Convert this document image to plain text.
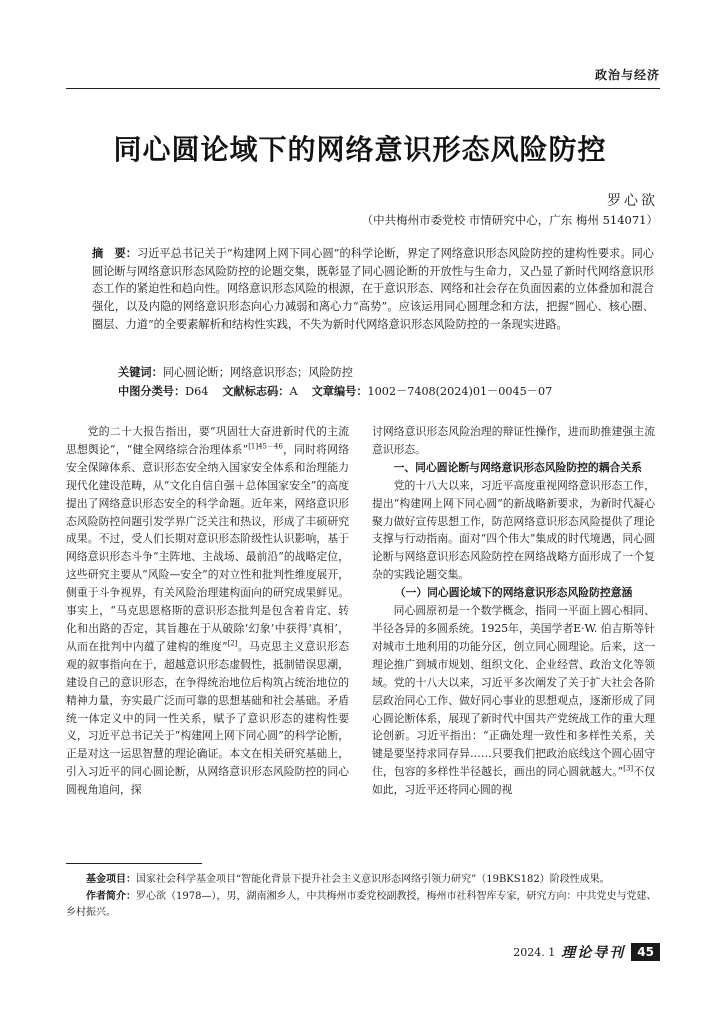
政治与经济
同心圆论域下的网络意识形态风险防控
罗心欲
（中共梅州市委党校 市情研究中心，广东 梅州 514071）
摘　要：习近平总书记关于“构建网上网下同心圆”的科学论断，界定了网络意识形态风险防控的建构性要求。同心圆论断与网络意识形态风险防控的论题交集，既彰显了同心圆论断的开放性与生命力，又凸显了新时代网络意识形态工作的紧迫性和趋向性。网络意识形态风险的根源，在于意识形态、网络和社会存在负面因素的立体叠加和混合强化，以及内隐的网络意识形态向心力减弱和离心力“高势”。应该运用同心圆理念和方法，把握“圆心、核心圈、圈层、力道”的全要素解析和结构性实践，不失为新时代网络意识形态风险防控的一条现实进路。
关键词：同心圆论断；网络意识形态；风险防控
中图分类号：D64 文献标志码：A 文章编号：1002－7408(2024)01－0045－07

党的二十大报告指出，要“巩固壮大奋进新时代的主流思想舆论”，“健全网络综合治理体系”$^{[1]45-46}$，同时将网络安全保障体系、意识形态安全纳入国家安全体系和治理能力现代化建设范畴，从“文化自信自强＋总体国家安全”的高度提出了网络意识形态安全的科学命题。近年来，网络意识形态风险防控问题引发学界广泛关注和热议，形成了丰硕研究成果。不过，受人们长期对意识形态阶级性认识影响，基于网络意识形态斗争“主阵地、主战场、最前沿”的战略定位，这些研究主要从“风险—安全”的对立性和批判性维度展开，侧重于斗争视界，有关风险治理建构面向的研究成果鲜见。事实上，“马克思恩格斯的意识形态批判是包含着肯定、转化和出路的否定，其旨趣在于从破除‘幻象’中获得‘真相’，从而在批判中内蕴了建构的维度”[2]。马克思主义意识形态观的叙事指向在于，超越意识形态虚假性，抵制错误思潮，建设自己的意识形态，在争得统治地位后构筑占统治地位的精神力量，夯实最广泛而可靠的思想基础和社会基础。矛盾统一体定义中的同一性关系，赋予了意识形态的建构性要义，习近平总书记关于“构建网上网下同心圆”的科学论断，正是对这一运思智慧的理论确证。本文在相关研究基础上，引入习近平的同心圆论断，从网络意识形态风险防控的同心圆视角追问，探

讨网络意识形态风险治理的辩证性操作，进而助推建强主流意识形态。

一、同心圆论断与网络意识形态风险防控的耦合关系

党的十八大以来，习近平高度重视网络意识形态工作，提出“构建网上网下同心圆”的新战略新要求，为新时代凝心聚力做好宣传思想工作，防范网络意识形态风险提供了理论支撑与行动指南。面对“四个伟大”集成的时代境遇，同心圆论断与网络意识形态风险防控在网络战略方面形成了一个复杂的实践论题交集。

（一）同心圆论域下的网络意识形态风险防控意涵

同心圆原初是一个数学概念，指同一平面上圆心相同、半径各异的多圆系统。1925年，美国学者E·W. 伯吉斯等针对城市土地利用的功能分区，创立同心圆理论。后来，这一理论推广到城市规划、组织文化、企业经营、政治文化等领域。党的十八大以来，习近平多次阐发了关于扩大社会各阶层政治同心工作、做好同心事业的思想观点，逐渐形成了同心圆论断体系，展现了新时代中国共产党统战工作的重大理论创新。习近平指出：“正确处理一致性和多样性关系，关键是要坚持求同存异……只要我们把政治底线这个圆心固守住，包容的多样性半径越长，画出的同心圆就越大。”[3]不仅如此，习近平还将同心圆的视

基金项目：国家社会科学基金项目“智能化背景下提升社会主义意识形态网络引领力研究”（19BKS182）阶段性成果。
作者简介：罗心欲（1978—），男，湖南湘乡人，中共梅州市委党校副教授，梅州市社科智库专家，研究方向：中共党史与党建、乡村振兴。
2024. 1 理论导刊	45
